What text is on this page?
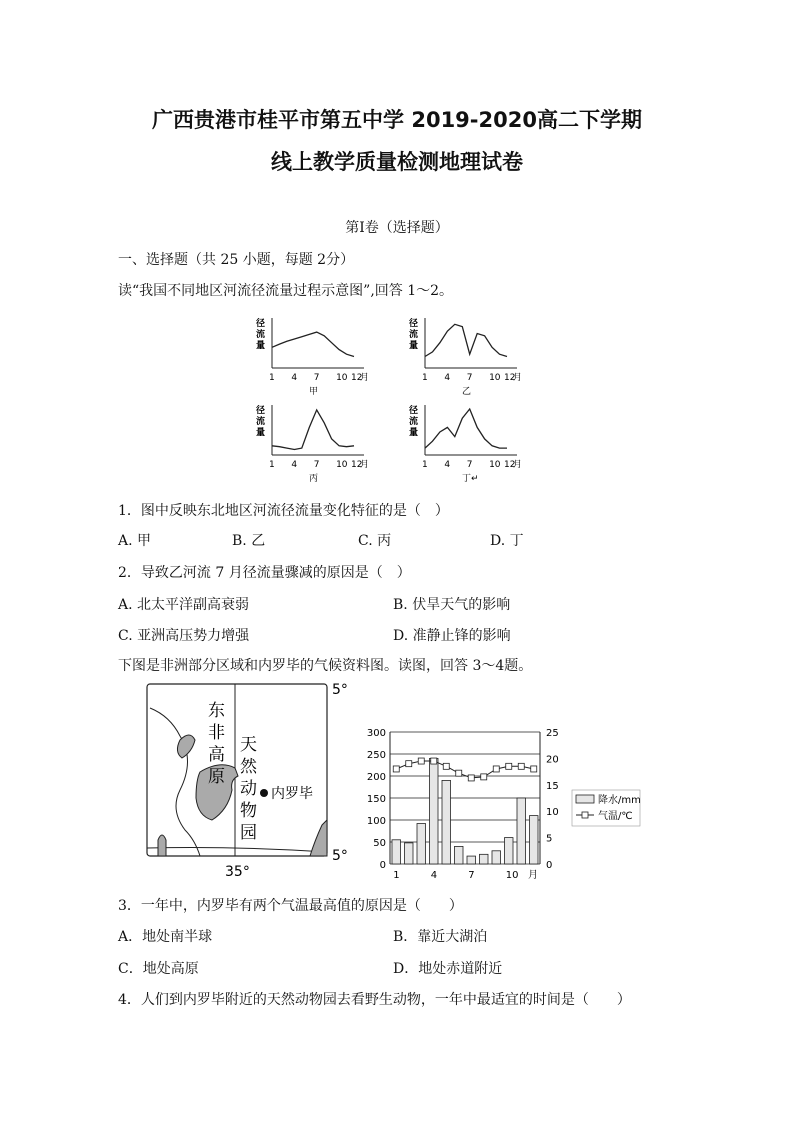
广西贵港市桂平市第五中学 2019-2020高二下学期
线上教学质量检测地理试卷
第Ⅰ卷（选择题）
一、选择题（共 25 小题，每题 2分）
读“我国不同地区河流径流量过程示意图”,回答 1～2。
径
流
量
1 4 7 10 12
月
甲
径
流
量
1 4 7 10 12
月
乙
径
流
量
1 4 7 10 12
月
丙
径
流
量
1 4 7 10 12
月
丁↵
1．图中反映东北地区河流径流量变化特征的是（　）
A. 甲	B. 乙	C. 丙	D. 丁
2．导致乙河流 7 月径流量骤减的原因是（　）
A. 北太平洋副高衰弱	B. 伏旱天气的影响
C. 亚洲高压势力增强	D. 准静止锋的影响
下图是非洲部分区域和内罗毕的气候资料图。读图，回答 3～4题。
5°
5°
35°
内罗毕
东
非
高
原
天
然
动
物
园
0
50
100
150
200
250
300
0
5
10
15
20
25
1	4	7	10 月
降水/mm
气温/℃
3．一年中，内罗毕有两个气温最高值的原因是（　　）
A．地处南半球	B．靠近大湖泊
C．地处高原	D．地处赤道附近
4．人们到内罗毕附近的天然动物园去看野生动物，一年中最适宜的时间是（　　）
